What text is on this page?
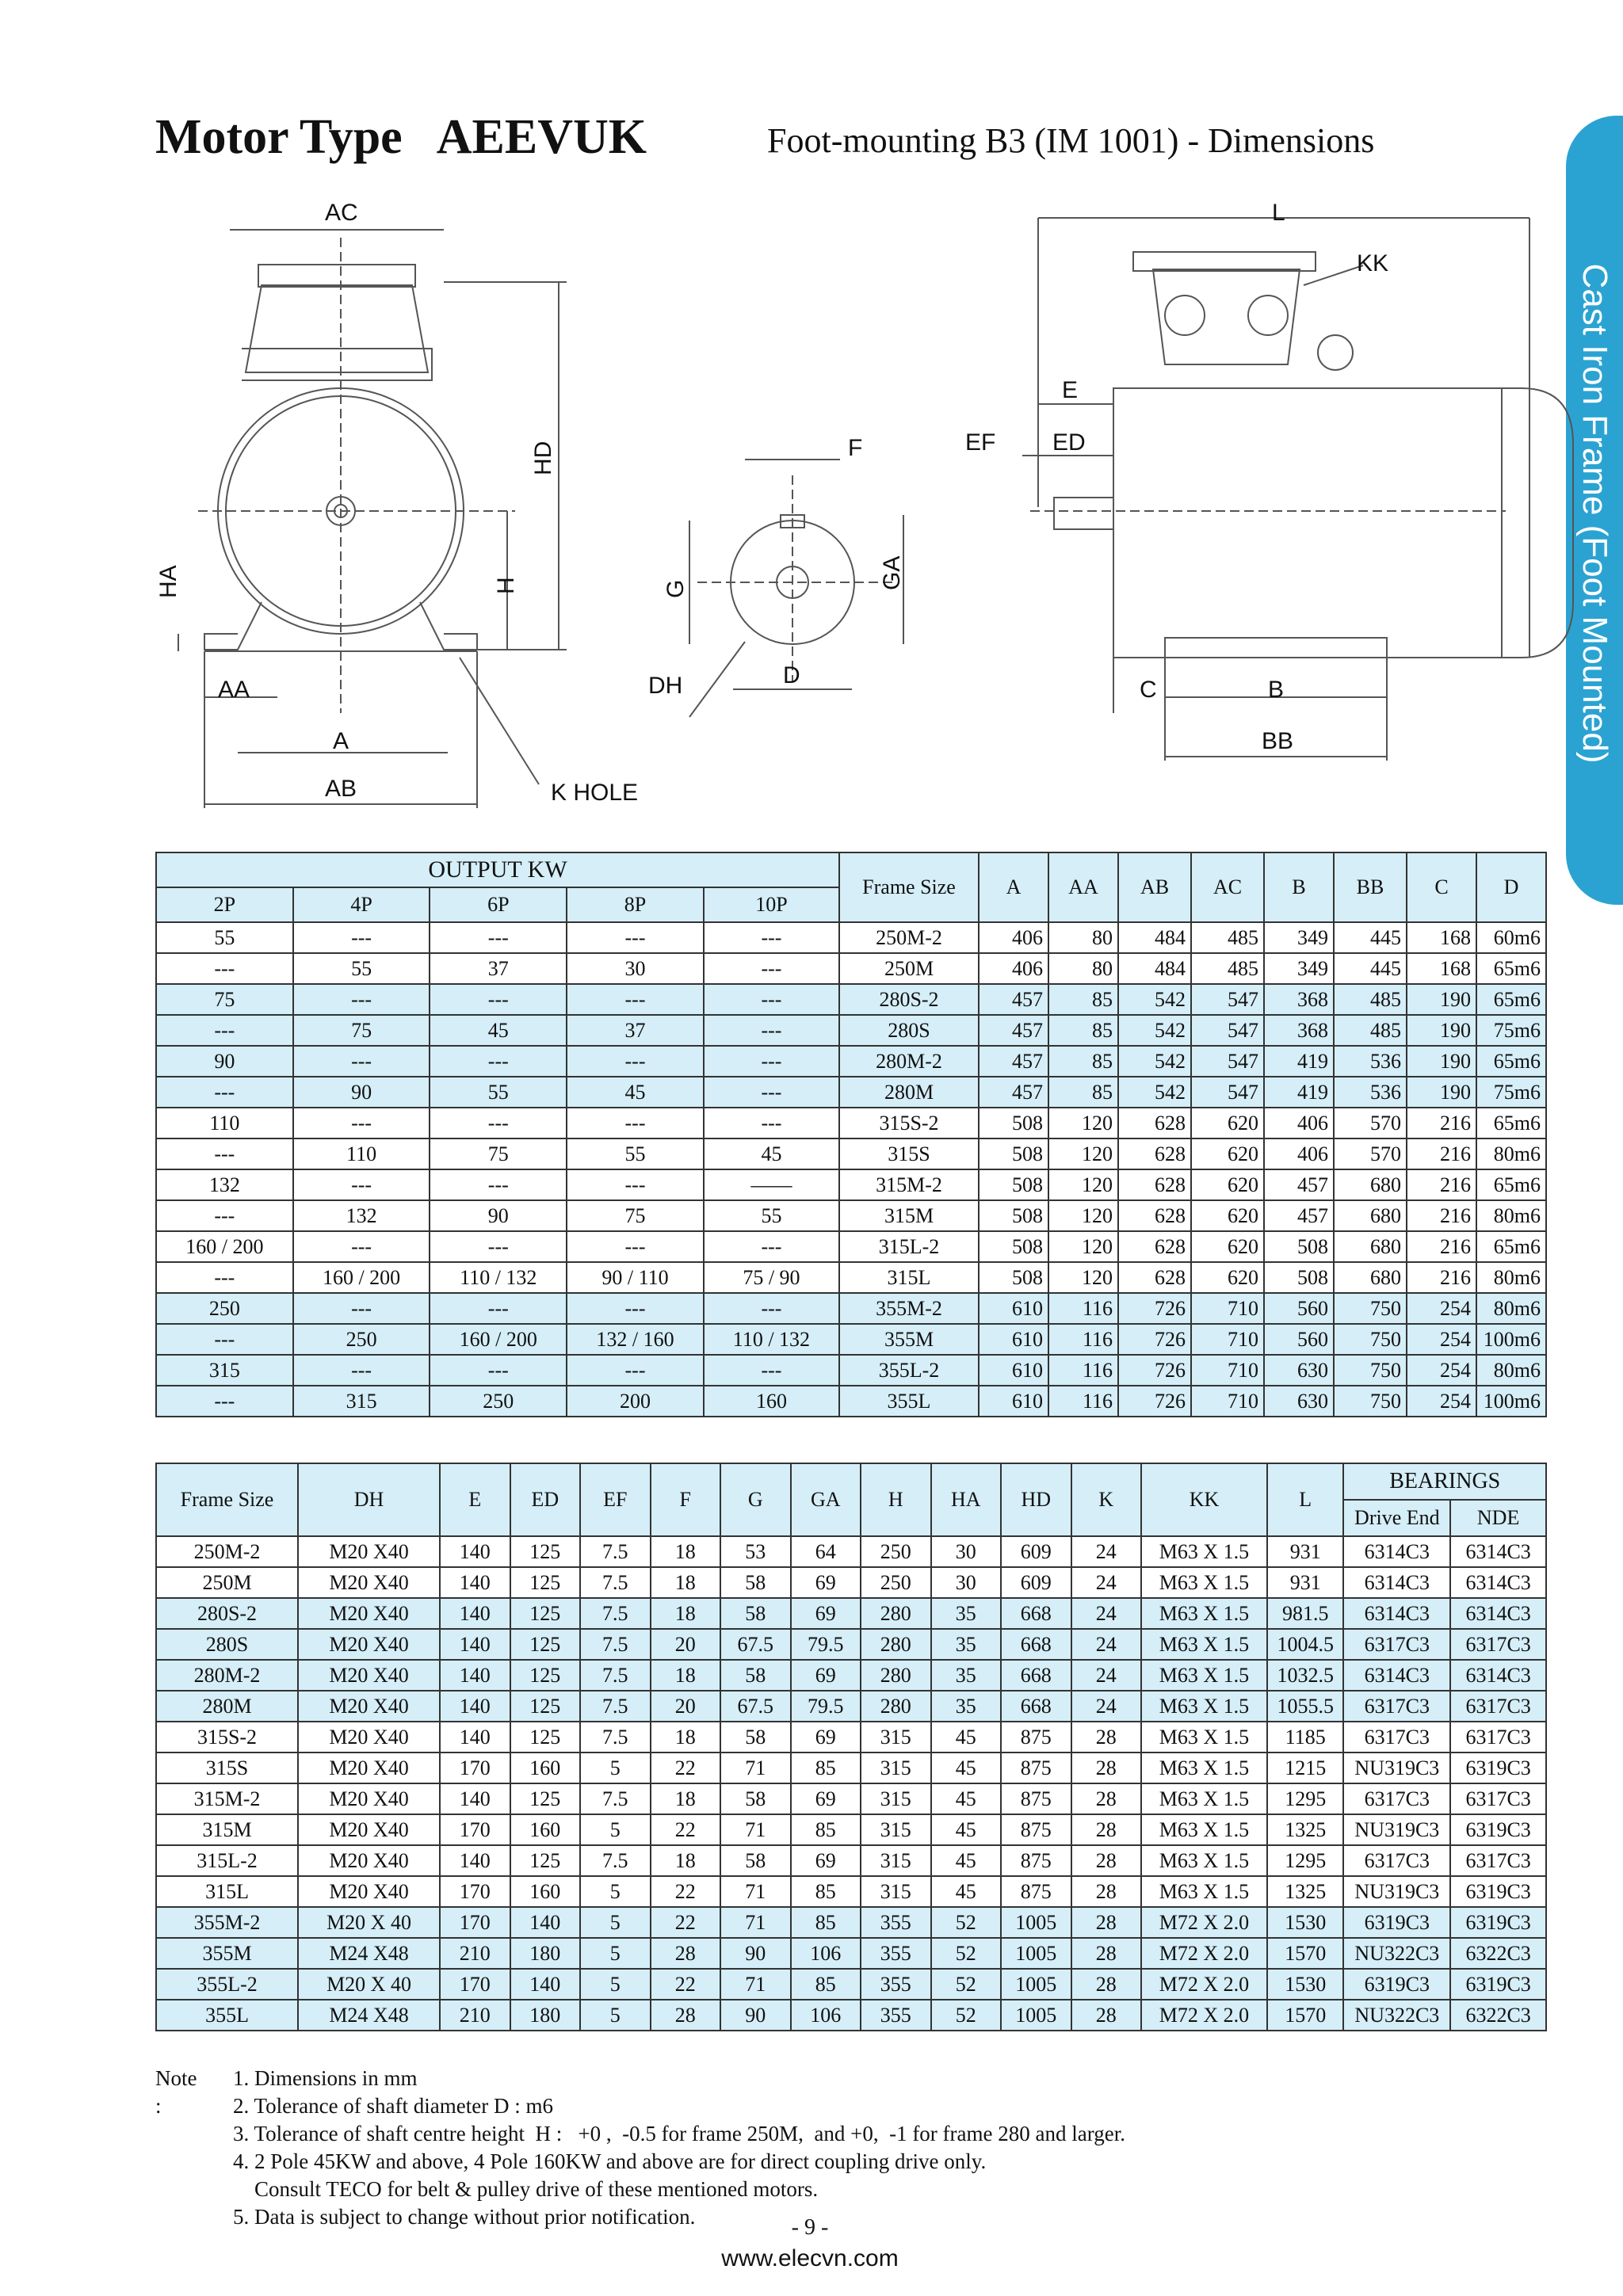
Motor Type   AEEVUK	Foot-mounting B3 (IM 1001) - Dimensions
Cast Iron Frame (Foot Mounted)
AC
HD
H
HA
AA
A
AB	K HOLE
F
G	GA
DH	D
L
KK
E
EF ED
C	B
BB
OUTPUT KW					Frame Size	A	AA	AB	AC	B	BB	C	D
2P	4P	6P	8P	10P									
55	---	---	---	---	250M-2	406	80	484	485	349	445	168	60m6
---	55	37	30	---	250M	406	80	484	485	349	445	168	65m6
75	---	---	---	---	280S-2	457	85	542	547	368	485	190	65m6
---	75	45	37	---	280S	457	85	542	547	368	485	190	75m6
90	---	---	---	---	280M-2	457	85	542	547	419	536	190	65m6
---	90	55	45	---	280M	457	85	542	547	419	536	190	75m6
110	---	---	---	---	315S-2	508	120	628	620	406	570	216	65m6
---	110	75	55	45	315S	508	120	628	620	406	570	216	80m6
132	---	---	---	——	315M-2	508	120	628	620	457	680	216	65m6
---	132	90	75	55	315M	508	120	628	620	457	680	216	80m6
160 / 200	---	---	---	---	315L-2	508	120	628	620	508	680	216	65m6
---	160 / 200	110 / 132	90 / 110	75 / 90	315L	508	120	628	620	508	680	216	80m6
250	---	---	---	---	355M-2	610	116	726	710	560	750	254	80m6
---	250	160 / 200	132 / 160	110 / 132	355M	610	116	726	710	560	750	254	100m6
315	---	---	---	---	355L-2	610	116	726	710	630	750	254	80m6
---	315	250	200	160	355L	610	116	726	710	630	750	254	100m6
Frame Size	DH	E	ED	EF	F	G	GA	H	HA	HD	K	KK	L	BEARINGS	
														Drive End	NDE
250M-2	M20 X40	140	125	7.5	18	53	64	250	30	609	24	M63 X 1.5	931	6314C3	6314C3
250M	M20 X40	140	125	7.5	18	58	69	250	30	609	24	M63 X 1.5	931	6314C3	6314C3
280S-2	M20 X40	140	125	7.5	18	58	69	280	35	668	24	M63 X 1.5	981.5	6314C3	6314C3
280S	M20 X40	140	125	7.5	20	67.5	79.5	280	35	668	24	M63 X 1.5	1004.5	6317C3	6317C3
280M-2	M20 X40	140	125	7.5	18	58	69	280	35	668	24	M63 X 1.5	1032.5	6314C3	6314C3
280M	M20 X40	140	125	7.5	20	67.5	79.5	280	35	668	24	M63 X 1.5	1055.5	6317C3	6317C3
315S-2	M20 X40	140	125	7.5	18	58	69	315	45	875	28	M63 X 1.5	1185	6317C3	6317C3
315S	M20 X40	170	160	5	22	71	85	315	45	875	28	M63 X 1.5	1215	NU319C3	6319C3
315M-2	M20 X40	140	125	7.5	18	58	69	315	45	875	28	M63 X 1.5	1295	6317C3	6317C3
315M	M20 X40	170	160	5	22	71	85	315	45	875	28	M63 X 1.5	1325	NU319C3	6319C3
315L-2	M20 X40	140	125	7.5	18	58	69	315	45	875	28	M63 X 1.5	1295	6317C3	6317C3
315L	M20 X40	170	160	5	22	71	85	315	45	875	28	M63 X 1.5	1325	NU319C3	6319C3
355M-2	M20 X 40	170	140	5	22	71	85	355	52	1005	28	M72 X 2.0	1530	6319C3	6319C3
355M	M24 X48	210	180	5	28	90	106	355	52	1005	28	M72 X 2.0	1570	NU322C3	6322C3
355L-2	M20 X 40	170	140	5	22	71	85	355	52	1005	28	M72 X 2.0	1530	6319C3	6319C3
355L	M24 X48	210	180	5	28	90	106	355	52	1005	28	M72 X 2.0	1570	NU322C3	6322C3
Note :
1. Dimensions in mm
2. Tolerance of shaft diameter D : m6
3. Tolerance of shaft centre height  H :   +0 ,  -0.5 for frame 250M,  and +0,  -1 for frame 280 and larger.
4. 2 Pole 45KW and above, 4 Pole 160KW and above are for direct coupling drive only.
Consult TECO for belt & pulley drive of these mentioned motors.
5. Data is subject to change without prior notification.	- 9 -
www.elecvn.com
